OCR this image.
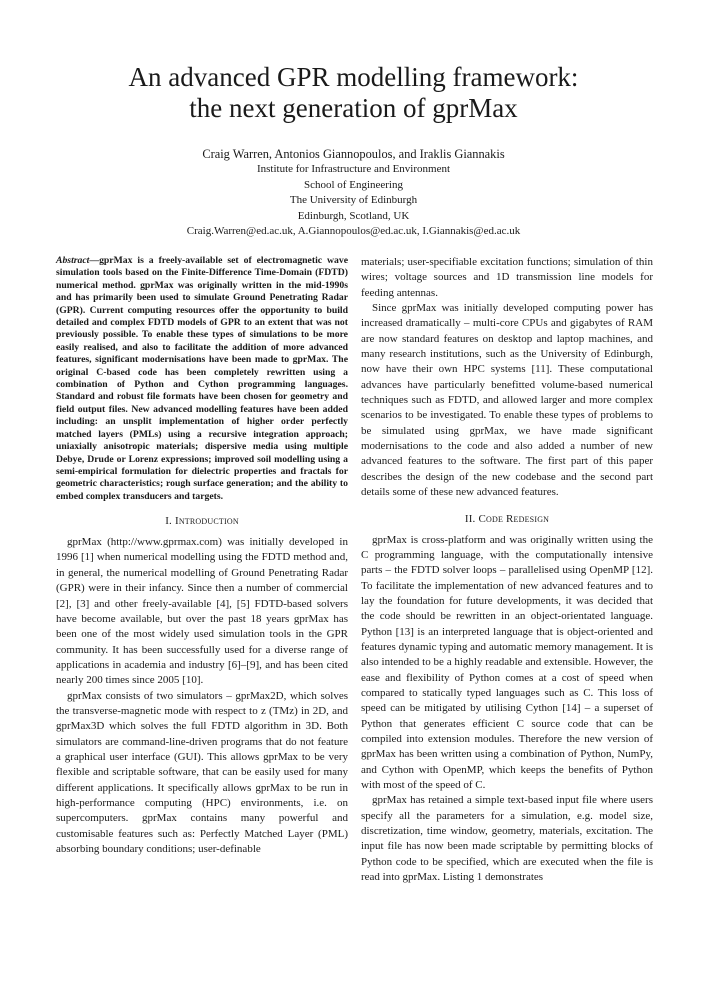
An advanced GPR modelling framework:
the next generation of gprMax
Craig Warren, Antonios Giannopoulos, and Iraklis Giannakis
Institute for Infrastructure and Environment
School of Engineering
The University of Edinburgh
Edinburgh, Scotland, UK
Craig.Warren@ed.ac.uk, A.Giannopoulos@ed.ac.uk, I.Giannakis@ed.ac.uk

Abstract—gprMax is a freely-available set of electromagnetic wave simulation tools based on the Finite-Difference Time-Domain (FDTD) numerical method. gprMax was originally written in the mid-1990s and has primarily been used to simulate Ground Penetrating Radar (GPR). Current computing resources offer the opportunity to build detailed and complex FDTD models of GPR to an extent that was not previously possible. To enable these types of simulations to be more easily realised, and also to facilitate the addition of more advanced features, significant modernisations have been made to gprMax. The original C-based code has been completely rewritten using a combination of Python and Cython programming languages. Standard and robust file formats have been chosen for geometry and field output files. New advanced modelling features have been added including: an unsplit implementation of higher order perfectly matched layers (PMLs) using a recursive integration approach; uniaxially anisotropic materials; dispersive media using multiple Debye, Drude or Lorenz expressions; improved soil modelling using a semi-empirical formulation for dielectric properties and fractals for geometric characteristics; rough surface generation; and the ability to embed complex transducers and targets.

I. Introduction

gprMax (http://www.gprmax.com) was initially developed in 1996 [1] when numerical modelling using the FDTD method and, in general, the numerical modelling of Ground Penetrating Radar (GPR) were in their infancy. Since then a number of commercial [2], [3] and other freely-available [4], [5] FDTD-based solvers have become available, but over the past 18 years gprMax has been one of the most widely used simulation tools in the GPR community. It has been successfully used for a diverse range of applications in academia and industry [6]–[9], and has been cited nearly 200 times since 2005 [10].

gprMax consists of two simulators – gprMax2D, which solves the transverse-magnetic mode with respect to z (TMz) in 2D, and gprMax3D which solves the full FDTD algorithm in 3D. Both simulators are command-line-driven programs that do not feature a graphical user interface (GUI). This allows gprMax to be very flexible and scriptable software, that can be easily used for many different applications. It specifically allows gprMax to be run in high-performance computing (HPC) environments, i.e. on supercomputers. gprMax contains many powerful and customisable features such as: Perfectly Matched Layer (PML) absorbing boundary conditions; user-definable

materials; user-specifiable excitation functions; simulation of thin wires; voltage sources and 1D transmission line models for feeding antennas.

Since gprMax was initially developed computing power has increased dramatically – multi-core CPUs and gigabytes of RAM are now standard features on desktop and laptop machines, and many research institutions, such as the University of Edinburgh, now have their own HPC systems [11]. These computational advances have particularly benefitted volume-based numerical techniques such as FDTD, and allowed larger and more complex scenarios to be investigated. To enable these types of problems to be simulated using gprMax, we have made significant modernisations to the code and also added a number of new advanced features to the software. The first part of this paper describes the design of the new codebase and the second part details some of these new advanced features.

II. Code Redesign

gprMax is cross-platform and was originally written using the C programming language, with the computationally intensive parts – the FDTD solver loops – parallelised using OpenMP [12]. To facilitate the implementation of new advanced features and to lay the foundation for future developments, it was decided that the code should be rewritten in an object-orientated language. Python [13] is an interpreted language that is object-oriented and features dynamic typing and automatic memory management. It is also intended to be a highly readable and extensible. However, the ease and flexibility of Python comes at a cost of speed when compared to statically typed languages such as C. This loss of speed can be mitigated by utilising Cython [14] – a superset of Python that generates efficient C source code that can be compiled into extension modules. Therefore the new version of gprMax has been written using a combination of Python, NumPy, and Cython with OpenMP, which keeps the benefits of Python with most of the speed of C.

gprMax has retained a simple text-based input file where users specify all the parameters for a simulation, e.g. model size, discretization, time window, geometry, materials, excitation. The input file has now been made scriptable by permitting blocks of Python code to be specified, which are executed when the file is read into gprMax. Listing 1 demonstrates
